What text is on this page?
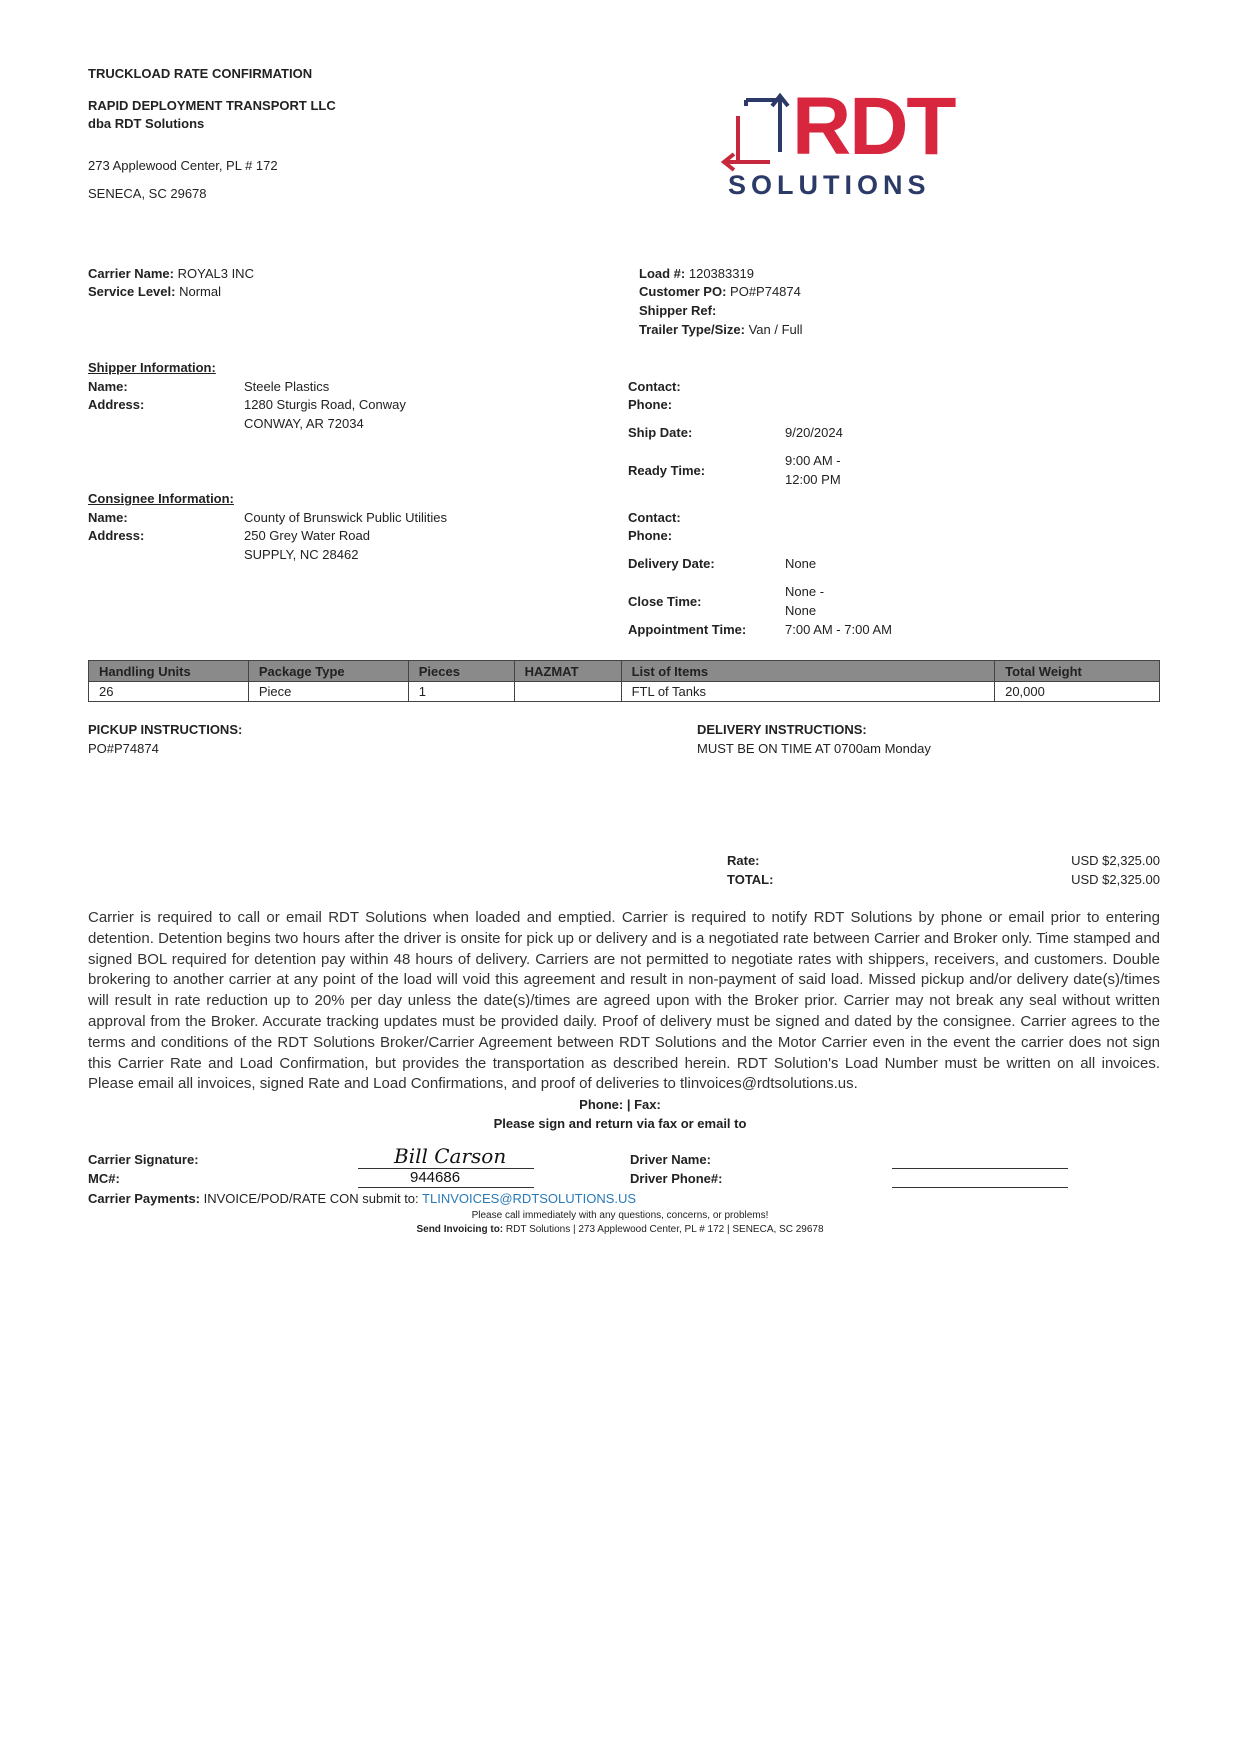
TRUCKLOAD RATE CONFIRMATION
RAPID DEPLOYMENT TRANSPORT LLC
dba RDT Solutions
273 Applewood Center, PL # 172
SENECA, SC 29678
RDT
SOLUTIONS
Carrier Name: ROYAL3 INC
Service Level: Normal
Load #: 120383319
Customer PO: PO#P74874
Shipper Ref:
Trailer Type/Size: Van / Full
Shipper Information:
Name:	Steele Plastics
Address:	1280 Sturgis Road, Conway
CONWAY, AR 72034
Contact:
Phone:
Ship Date:	9/20/2024
Ready Time:
9:00 AM -
12:00 PM
Consignee Information:
Name:	County of Brunswick Public Utilities
Address:	250 Grey Water Road
SUPPLY, NC 28462
Contact:
Phone:
Delivery Date:	None
Close Time:
None -
None
Appointment Time:	7:00 AM - 7:00 AM
Handling Units	Package Type	Pieces	HAZMAT	List of Items	Total Weight
26	Piece	1		FTL of Tanks	20,000
PICKUP INSTRUCTIONS:
PO#P74874
DELIVERY INSTRUCTIONS:
MUST BE ON TIME AT 0700am Monday
Rate:	USD $2,325.00
TOTAL:	USD $2,325.00
Carrier is required to call or email RDT Solutions when loaded and emptied. Carrier is required to notify RDT Solutions by phone or email prior to entering detention. Detention begins two hours after the driver is onsite for pick up or delivery and is a negotiated rate between Carrier and Broker only. Time stamped and signed BOL required for detention pay within 48 hours of delivery. Carriers are not permitted to negotiate rates with shippers, receivers, and customers. Double brokering to another carrier at any point of the load will void this agreement and result in non-payment of said load. Missed pickup and/or delivery date(s)/times will result in rate reduction up to 20% per day unless the date(s)/times are agreed upon with the Broker prior. Carrier may not break any seal without written approval from the Broker. Accurate tracking updates must be provided daily. Proof of delivery must be signed and dated by the consignee. Carrier agrees to the terms and conditions of the RDT Solutions Broker/Carrier Agreement between RDT Solutions and the Motor Carrier even in the event the carrier does not sign this Carrier Rate and Load Confirmation, but provides the transportation as described herein. RDT Solution's Load Number must be written on all invoices. Please email all invoices, signed Rate and Load Confirmations, and proof of deliveries to tlinvoices@rdtsolutions.us.
Phone: | Fax:
Please sign and return via fax or email to
Carrier Signature:	Bill Carson
MC#:	944686
Driver Name:
Driver Phone#:
Carrier Payments: INVOICE/POD/RATE CON submit to: TLINVOICES@RDTSOLUTIONS.US
Please call immediately with any questions, concerns, or problems!
Send Invoicing to: RDT Solutions | 273 Applewood Center, PL # 172 | SENECA, SC 29678
